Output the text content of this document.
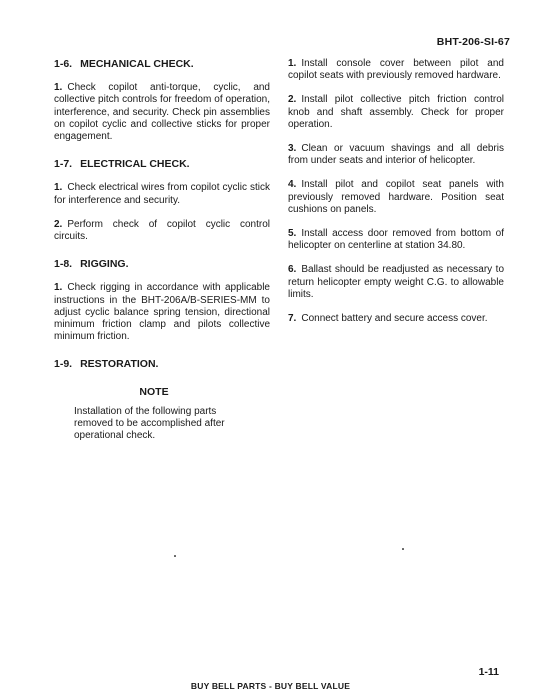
BHT-206-SI-67

1-6. MECHANICAL CHECK.

1. Check copilot anti-torque, cyclic, and collective pitch controls for freedom of operation, interference, and security. Check pin assemblies on copilot cyclic and collective sticks for proper engagement.

1-7. ELECTRICAL CHECK.

1. Check electrical wires from copilot cyclic stick for interference and security.

2. Perform check of copilot cyclic control circuits.

1-8. RIGGING.

1. Check rigging in accordance with applicable instructions in the BHT-206A/B-SERIES-MM to adjust cyclic balance spring tension, directional minimum friction clamp and pilots collective minimum friction.

1-9. RESTORATION.

NOTE

Installation of the following parts removed to be accomplished after operational check.

1. Install console cover between pilot and copilot seats with previously removed hardware.

2. Install pilot collective pitch friction control knob and shaft assembly. Check for proper operation.

3. Clean or vacuum shavings and all debris from under seats and interior of helicopter.

4. Install pilot and copilot seat panels with previously removed hardware. Position seat cushions on panels.

5. Install access door removed from bottom of helicopter on centerline at station 34.80.

6. Ballast should be readjusted as necessary to return helicopter empty weight C.G. to allowable limits.

7. Connect battery and secure access cover.

1-11
BUY BELL PARTS - BUY BELL VALUE
